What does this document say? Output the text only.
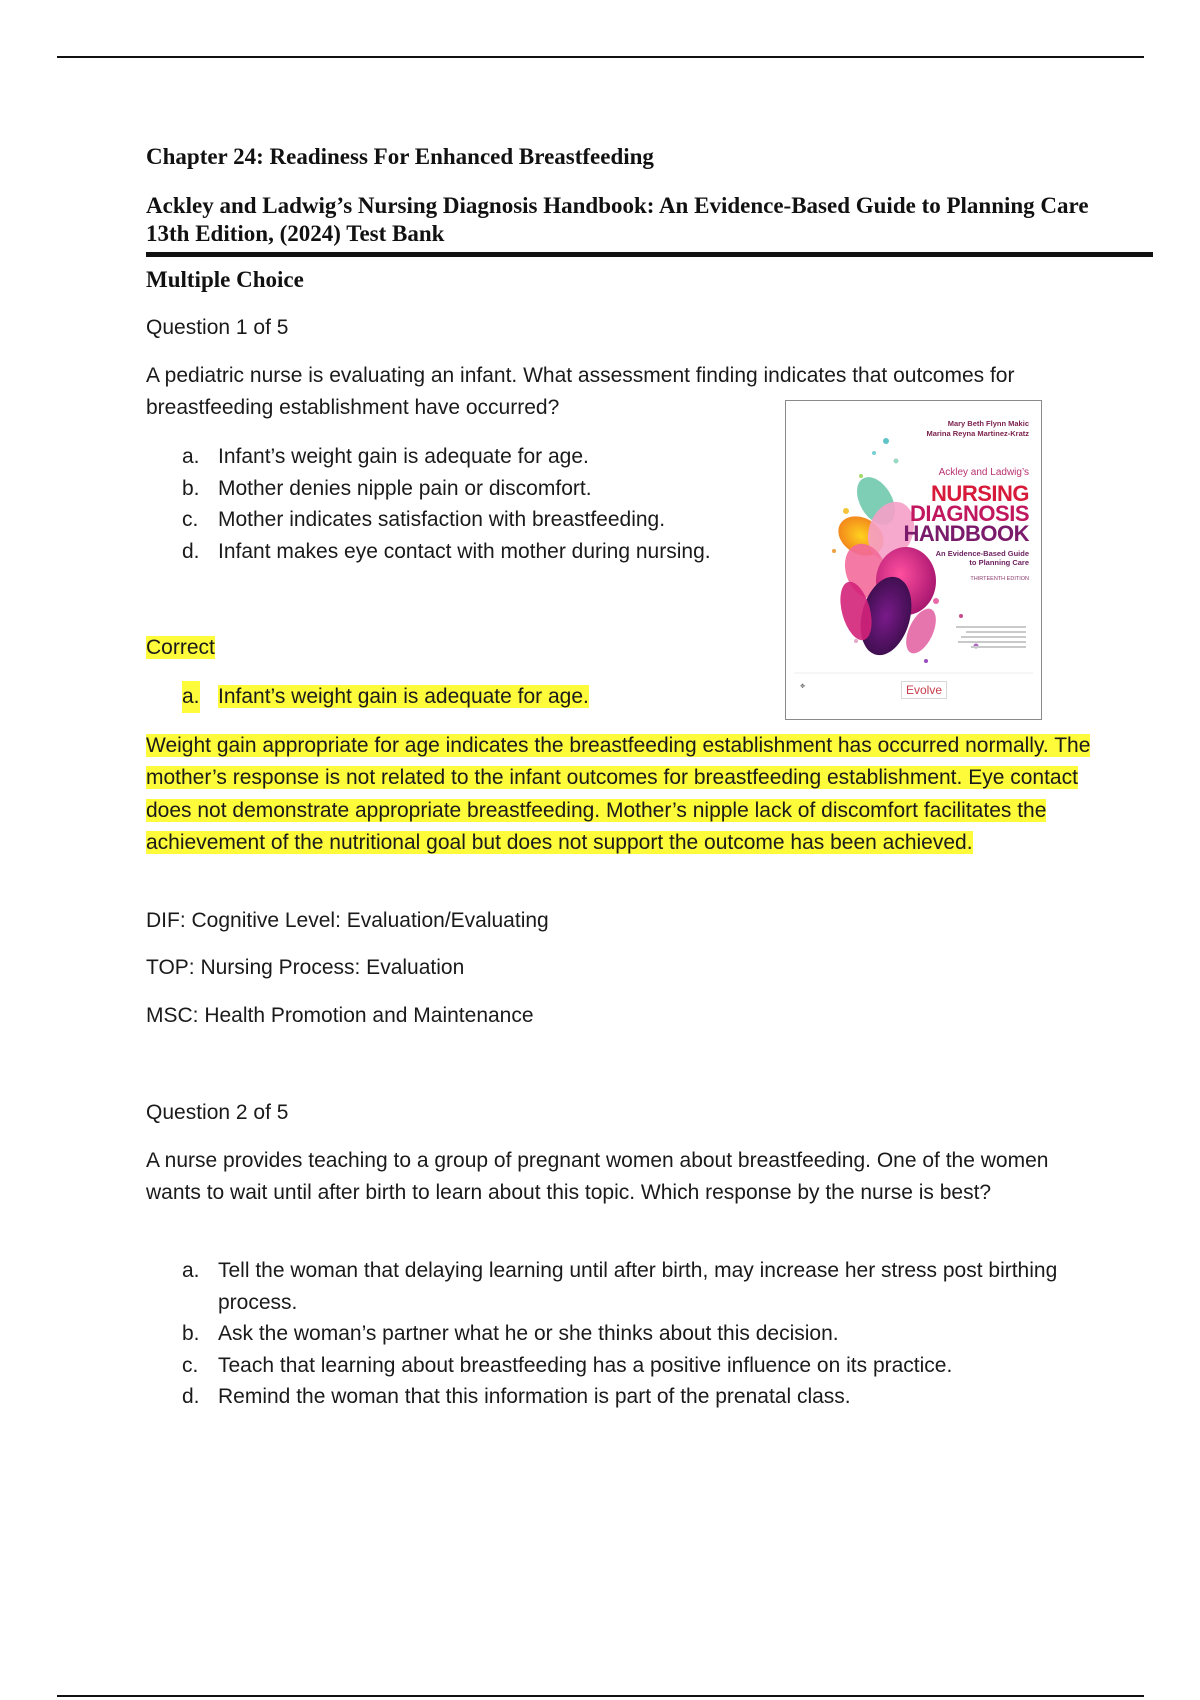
Chapter 24: Readiness For Enhanced Breastfeeding
Ackley and Ladwig’s Nursing Diagnosis Handbook: An Evidence-Based Guide to Planning Care 13th Edition, (2024) Test Bank
Multiple Choice
Question 1 of 5
A pediatric nurse is evaluating an infant. What assessment finding indicates that outcomes for breastfeeding establishment have occurred?
a. Infant’s weight gain is adequate for age.
b. Mother denies nipple pain or discomfort.
c. Mother indicates satisfaction with breastfeeding.
d. Infant makes eye contact with mother during nursing.
Correct
a. Infant’s weight gain is adequate for age.
Weight gain appropriate for age indicates the breastfeeding establishment has occurred normally. The mother’s response is not related to the infant outcomes for breastfeeding establishment. Eye contact does not demonstrate appropriate breastfeeding. Mother’s nipple lack of discomfort facilitates the achievement of the nutritional goal but does not support the outcome has been achieved.
DIF: Cognitive Level: Evaluation/Evaluating
TOP: Nursing Process: Evaluation
MSC: Health Promotion and Maintenance
Question 2 of 5
A nurse provides teaching to a group of pregnant women about breastfeeding. One of the women wants to wait until after birth to learn about this topic. Which response by the nurse is best?
a. Tell the woman that delaying learning until after birth, may increase her stress post birthing process.
b. Ask the woman’s partner what he or she thinks about this decision.
c. Teach that learning about breastfeeding has a positive influence on its practice.
d. Remind the woman that this information is part of the prenatal class.
Mary Beth Flynn Makic
Marina Reyna Martinez-Kratz
Ackley and Ladwig’s
NURSING
DIAGNOSIS
HANDBOOK
An Evidence-Based Guide
to Planning Care
THIRTEENTH EDITION
✥	Evolve
